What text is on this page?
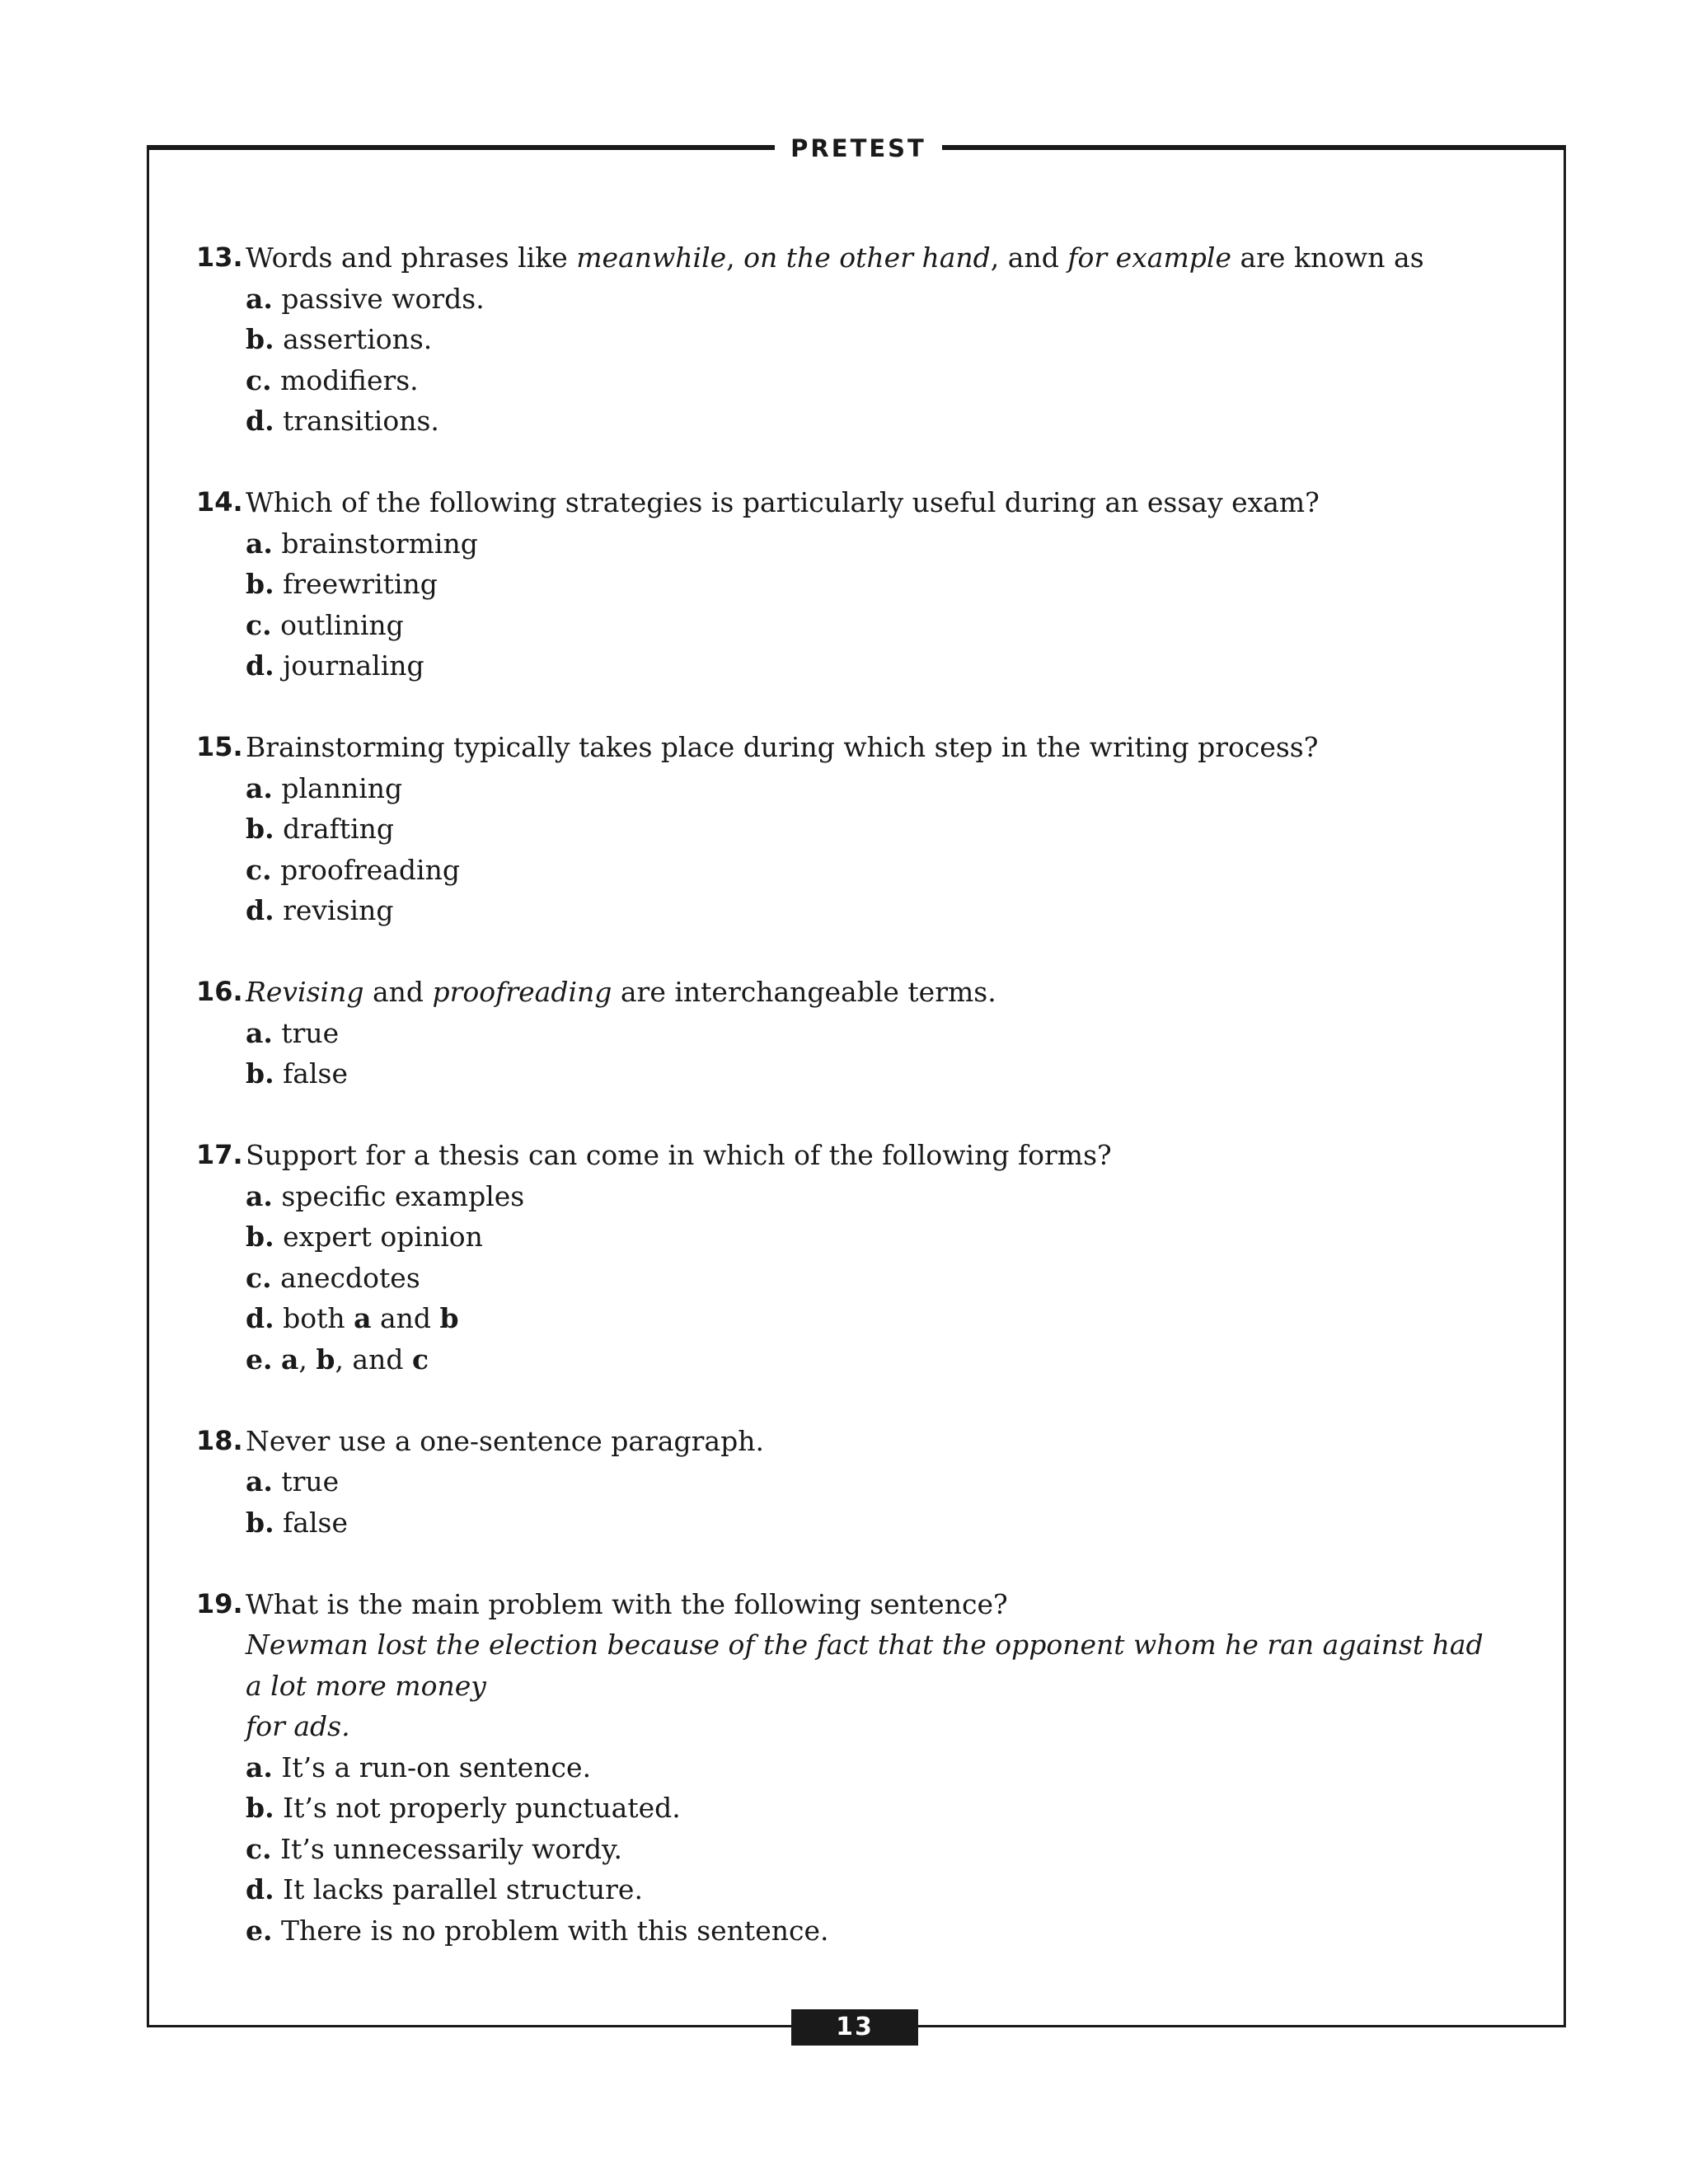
PRETEST
13. Words and phrases like meanwhile, on the other hand, and for example are known as
a. passive words.
b. assertions.
c. modifiers.
d. transitions.
14. Which of the following strategies is particularly useful during an essay exam?
a. brainstorming
b. freewriting
c. outlining
d. journaling
15. Brainstorming typically takes place during which step in the writing process?
a. planning
b. drafting
c. proofreading
d. revising
16. Revising and proofreading are interchangeable terms.
a. true
b. false
17. Support for a thesis can come in which of the following forms?
a. specific examples
b. expert opinion
c. anecdotes
d. both a and b
e. a, b, and c
18. Never use a one-sentence paragraph.
a. true
b. false
19. What is the main problem with the following sentence?
Newman lost the election because of the fact that the opponent whom he ran against had a lot more money
for ads.
a. It’s a run-on sentence.
b. It’s not properly punctuated.
c. It’s unnecessarily wordy.
d. It lacks parallel structure.
e. There is no problem with this sentence.
13
